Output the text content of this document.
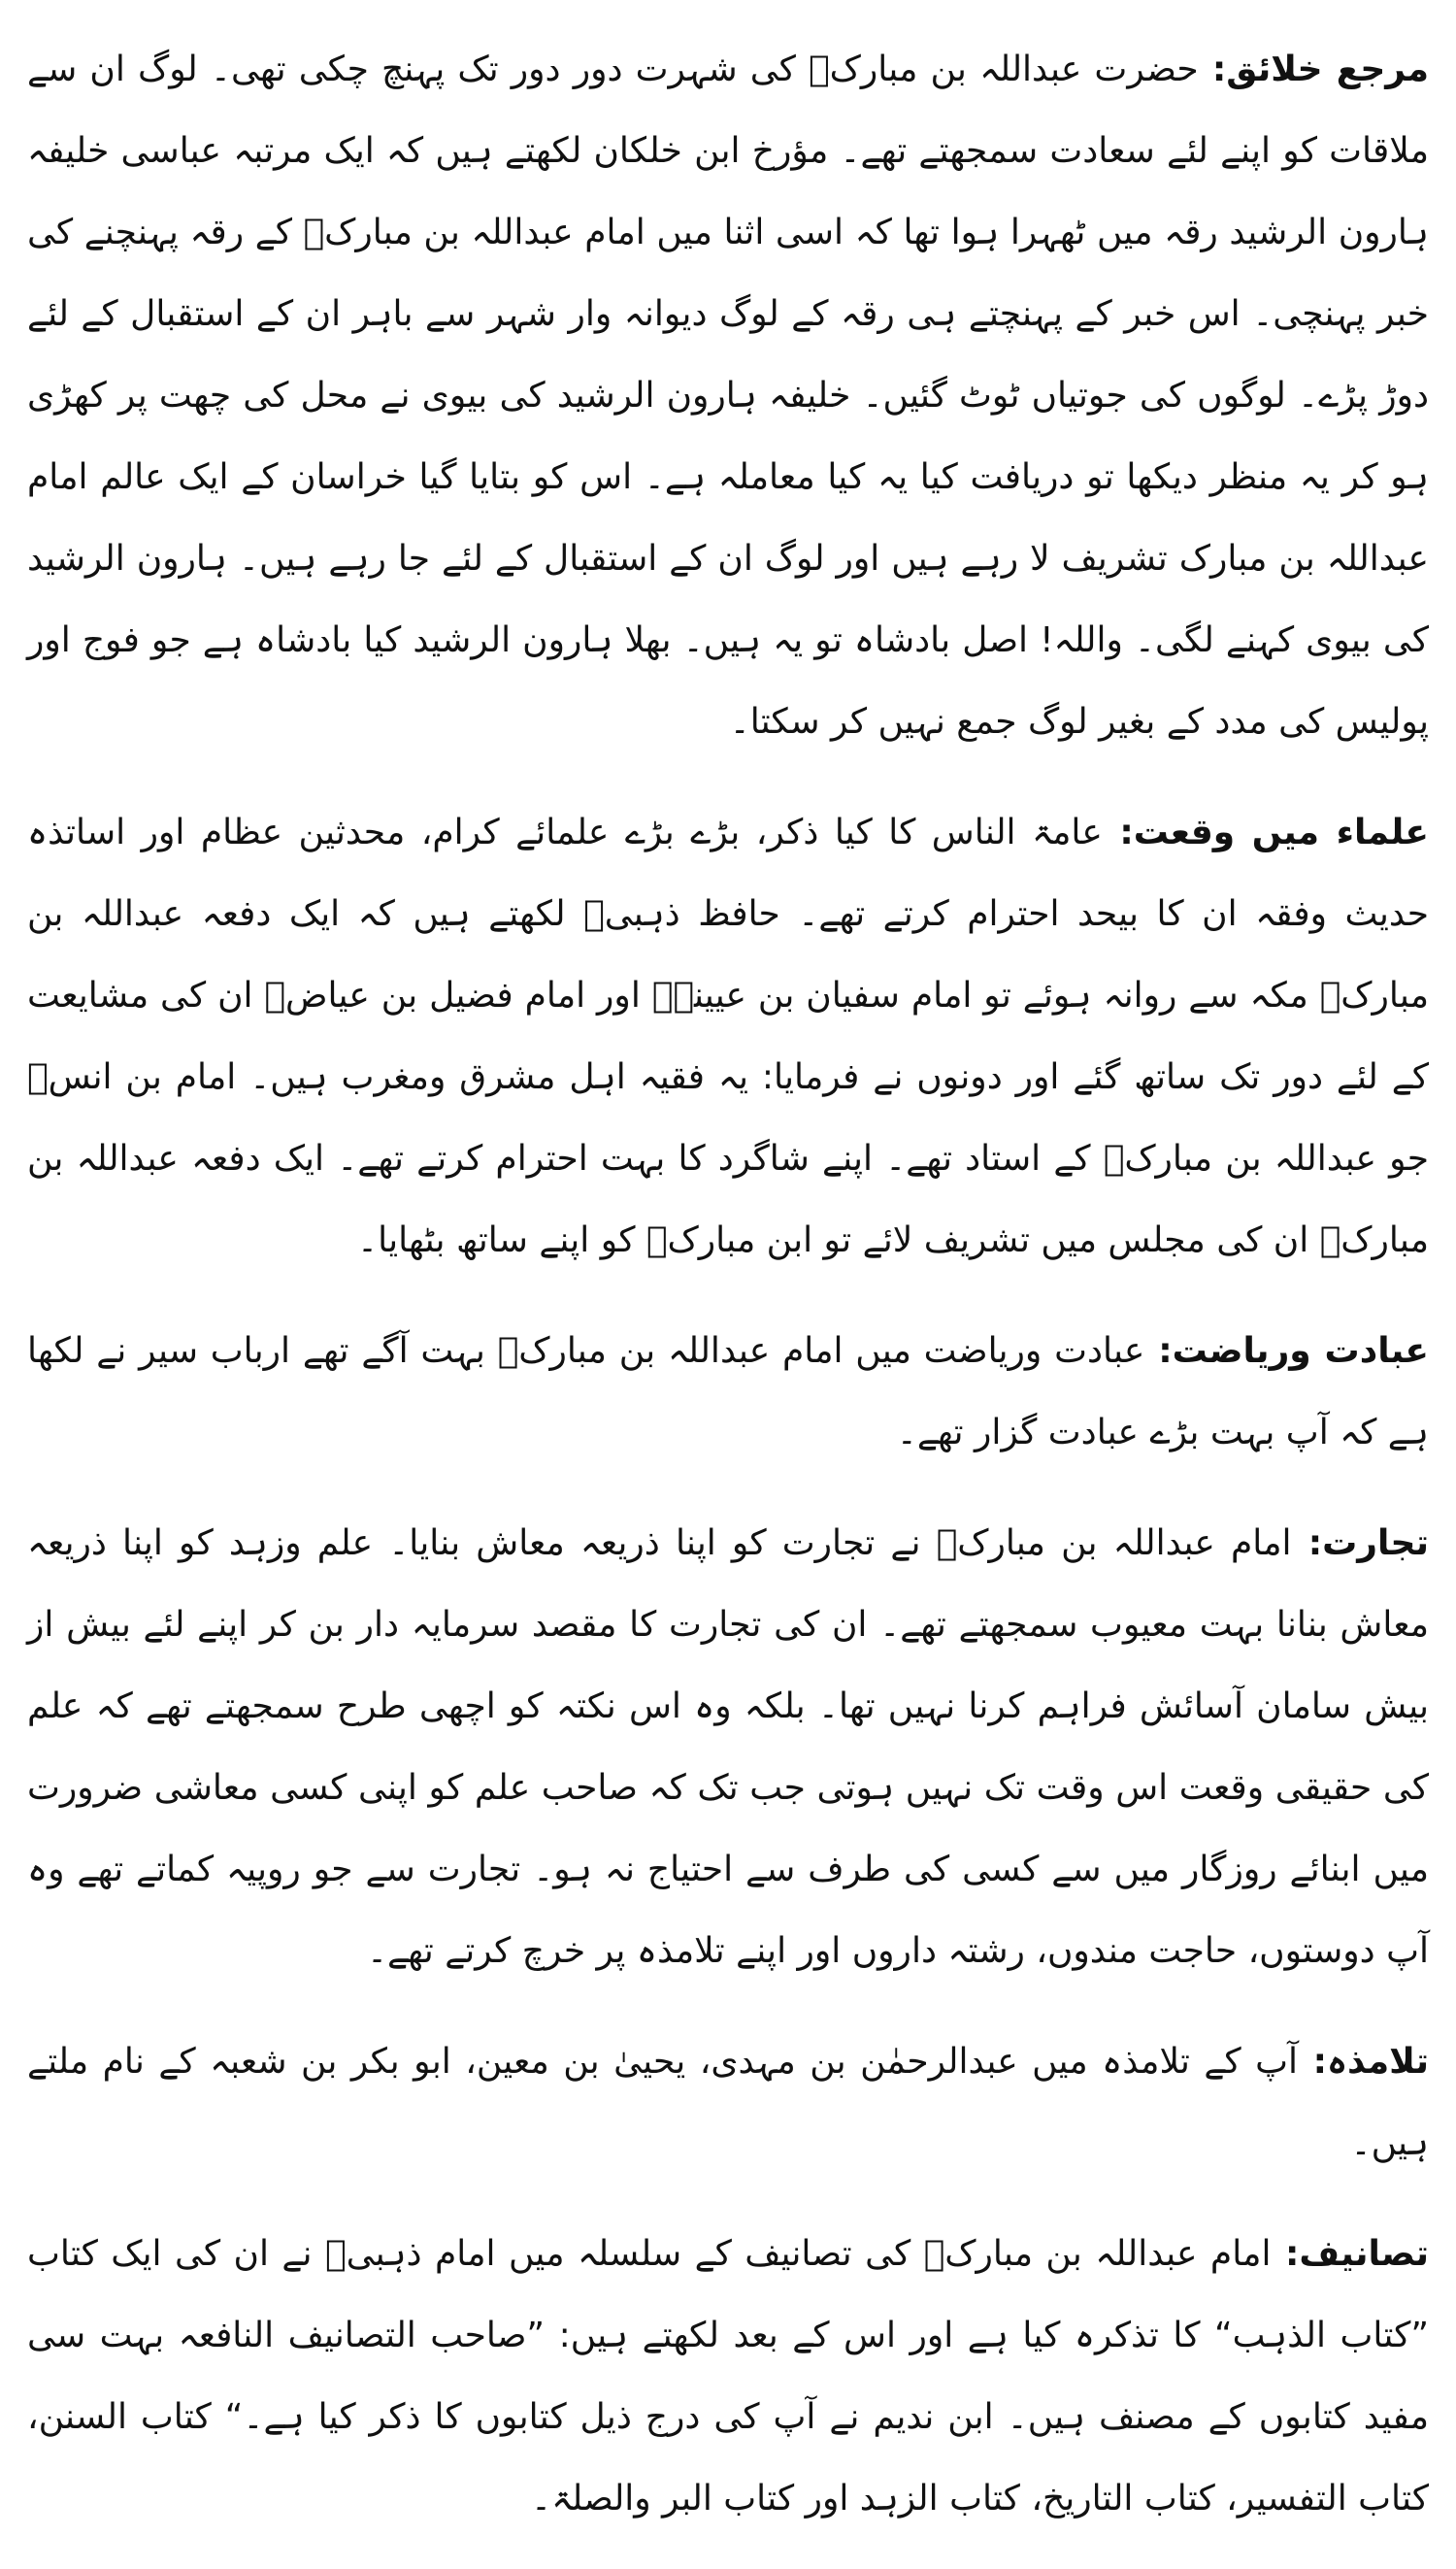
مرجع خلائق: حضرت عبداللہ بن مبارکؒ کی شہرت دور دور تک پہنچ چکی تھی۔ لوگ ان سے ملاقات کو اپنے لئے سعادت سمجھتے تھے۔ مؤرخ ابن خلکان لکھتے ہیں کہ ایک مرتبہ عباسی خلیفہ ہارون الرشید رقہ میں ٹھہرا ہوا تھا کہ اسی اثنا میں امام عبداللہ بن مبارکؒ کے رقہ پہنچنے کی خبر پہنچی۔ اس خبر کے پہنچتے ہی رقہ کے لوگ دیوانہ وار شہر سے باہر ان کے استقبال کے لئے دوڑ پڑے۔ لوگوں کی جوتیاں ٹوٹ گئیں۔ خلیفہ ہارون الرشید کی بیوی نے محل کی چھت پر کھڑی ہو کر یہ منظر دیکھا تو دریافت کیا یہ کیا معاملہ ہے۔ اس کو بتایا گیا خراسان کے ایک عالم امام عبداللہ بن مبارک تشریف لا رہے ہیں اور لوگ ان کے استقبال کے لئے جا رہے ہیں۔ ہارون الرشید کی بیوی کہنے لگی۔ واللہ! اصل بادشاہ تو یہ ہیں۔ بھلا ہارون الرشید کیا بادشاہ ہے جو فوج اور پولیس کی مدد کے بغیر لوگ جمع نہیں کر سکتا۔

علماء میں وقعت: عامۃ الناس کا کیا ذکر، بڑے بڑے علمائے کرام، محدثین عظام اور اساتذہ حدیث وفقہ ان کا بیحد احترام کرتے تھے۔ حافظ ذہبیؒ لکھتے ہیں کہ ایک دفعہ عبداللہ بن مبارکؒ مکہ سے روانہ ہوئے تو امام سفیان بن عیینہؒ اور امام فضیل بن عیاضؒ ان کی مشایعت کے لئے دور تک ساتھ گئے اور دونوں نے فرمایا: یہ فقیہ اہل مشرق ومغرب ہیں۔ امام بن انسؒ جو عبداللہ بن مبارکؒ کے استاد تھے۔ اپنے شاگرد کا بہت احترام کرتے تھے۔ ایک دفعہ عبداللہ بن مبارکؒ ان کی مجلس میں تشریف لائے تو ابن مبارکؒ کو اپنے ساتھ بٹھایا۔

عبادت وریاضت: عبادت وریاضت میں امام عبداللہ بن مبارکؒ بہت آگے تھے ارباب سیر نے لکھا ہے کہ آپ بہت بڑے عبادت گزار تھے۔

تجارت: امام عبداللہ بن مبارکؒ نے تجارت کو اپنا ذریعہ معاش بنایا۔ علم وزہد کو اپنا ذریعہ معاش بنانا بہت معیوب سمجھتے تھے۔ ان کی تجارت کا مقصد سرمایہ دار بن کر اپنے لئے بیش از بیش سامان آسائش فراہم کرنا نہیں تھا۔ بلکہ وہ اس نکتہ کو اچھی طرح سمجھتے تھے کہ علم کی حقیقی وقعت اس وقت تک نہیں ہوتی جب تک کہ صاحب علم کو اپنی کسی معاشی ضرورت میں ابنائے روزگار میں سے کسی کی طرف سے احتیاج نہ ہو۔ تجارت سے جو روپیہ کماتے تھے وہ آپ دوستوں، حاجت مندوں، رشتہ داروں اور اپنے تلامذہ پر خرچ کرتے تھے۔

تلامذہ: آپ کے تلامذہ میں عبدالرحمٰن بن مہدی، یحییٰ بن معین، ابو بکر بن شعبہ کے نام ملتے ہیں۔

تصانیف: امام عبداللہ بن مبارکؒ کی تصانیف کے سلسلہ میں امام ذہبیؒ نے ان کی ایک کتاب ”کتاب الذہب“ کا تذکرہ کیا ہے اور اس کے بعد لکھتے ہیں: ”صاحب التصانیف النافعہ بہت سی مفید کتابوں کے مصنف ہیں۔ ابن ندیم نے آپ کی درج ذیل کتابوں کا ذکر کیا ہے۔“ کتاب السنن، کتاب التفسیر، کتاب التاریخ، کتاب الزہد اور کتاب البر والصلۃ۔
